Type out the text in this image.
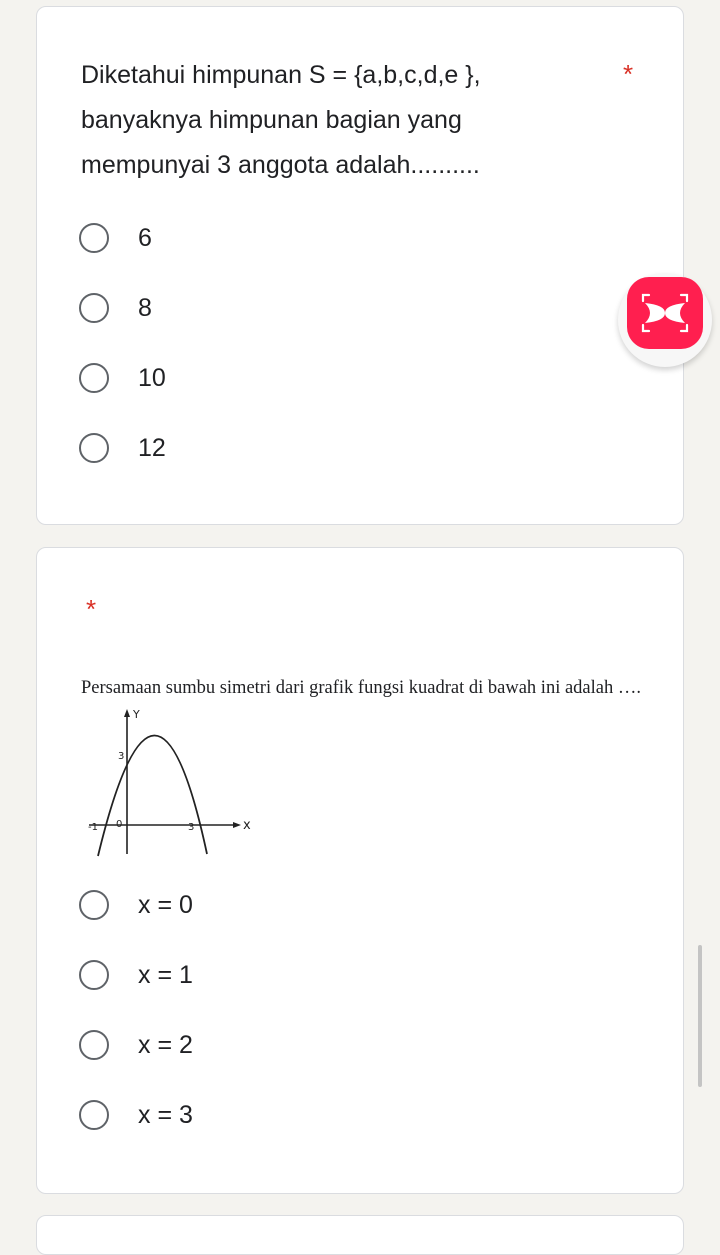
Diketahui himpunan S = {a,b,c,d,e },
banyaknya himpunan bagian yang
mempunyai 3 anggota adalah..........
*
6
8
10
12
*
Persamaan sumbu simetri dari grafik fungsi kuadrat di bawah ini adalah ….
Y
x
3
-1 0	3
x = 0
x = 1
x = 2
x = 3
